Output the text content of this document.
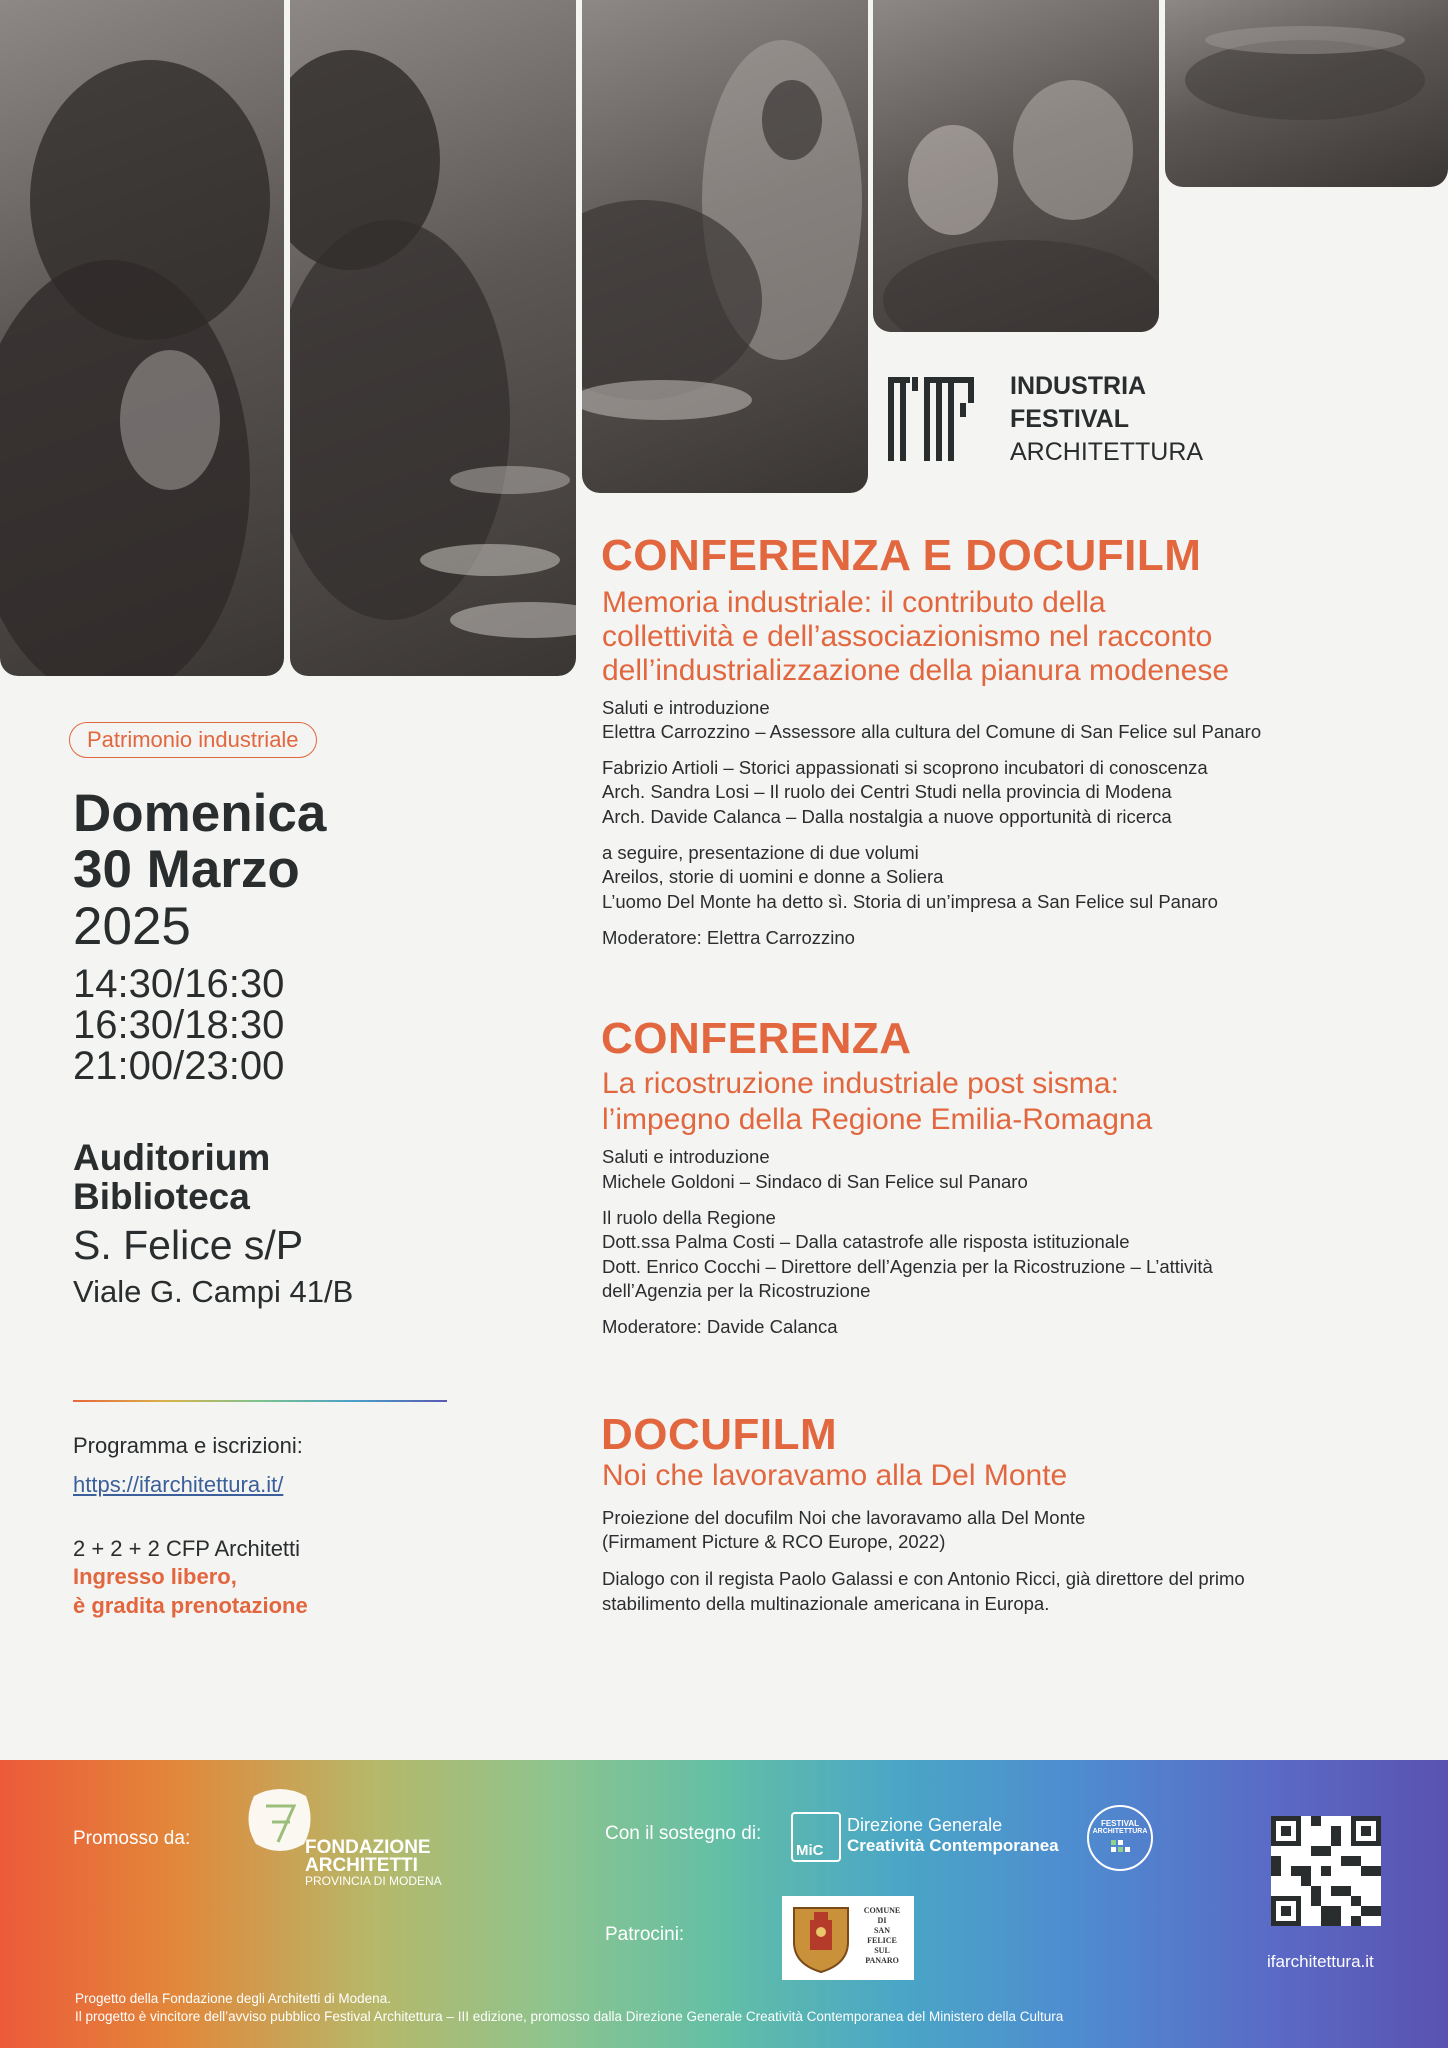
INDUSTRIA
FESTIVAL
ARCHITETTURA
Patrimonio industriale
Domenica
30 Marzo
2025
14:30/16:30
16:30/18:30
21:00/23:00
Auditorium
Biblioteca
S. Felice s/P
Viale G. Campi 41/B
Programma e iscrizioni:
https://ifarchitettura.it/
2 + 2 + 2 CFP Architetti
Ingresso libero,
è gradita prenotazione
CONFERENZA E DOCUFILM
Memoria industriale: il contributo della
collettività e dell’associazionismo nel racconto
dell’industrializzazione della pianura modenese
Saluti e introduzione
Elettra Carrozzino – Assessore alla cultura del Comune di San Felice sul Panaro
Fabrizio Artioli – Storici appassionati si scoprono incubatori di conoscenza
Arch. Sandra Losi – Il ruolo dei Centri Studi nella provincia di Modena
Arch. Davide Calanca – Dalla nostalgia a nuove opportunità di ricerca
a seguire, presentazione di due volumi
Areilos, storie di uomini e donne a Soliera
L’uomo Del Monte ha detto sì. Storia di un’impresa a San Felice sul Panaro
Moderatore: Elettra Carrozzino
CONFERENZA
La ricostruzione industriale post sisma:
l’impegno della Regione Emilia-Romagna
Saluti e introduzione
Michele Goldoni – Sindaco di San Felice sul Panaro
Il ruolo della Regione
Dott.ssa Palma Costi – Dalla catastrofe alle risposta istituzionale
Dott. Enrico Cocchi – Direttore dell’Agenzia per la Ricostruzione – L’attività
dell’Agenzia per la Ricostruzione
Moderatore: Davide Calanca
DOCUFILM
Noi che lavoravamo alla Del Monte
Proiezione del docufilm Noi che lavoravamo alla Del Monte
(Firmament Picture & RCO Europe, 2022)
Dialogo con il regista Paolo Galassi e con Antonio Ricci, già direttore del primo
stabilimento della multinazionale americana in Europa.
Promosso da:	FONDAZIONE
ARCHITETTI
PROVINCIA DI MODENA
Con il sostegno di:
MiC
Direzione Generale
Creatività Contemporanea
FESTIVAL
ARCHITETTURA
ifarchitettura.it
Patrocini:
COMUNE
DI
SAN
FELICE
SUL
PANARO
Progetto della Fondazione degli Architetti di Modena.
Il progetto è vincitore dell’avviso pubblico Festival Architettura – III edizione, promosso dalla Direzione Generale Creatività Contemporanea del Ministero della Cultura
